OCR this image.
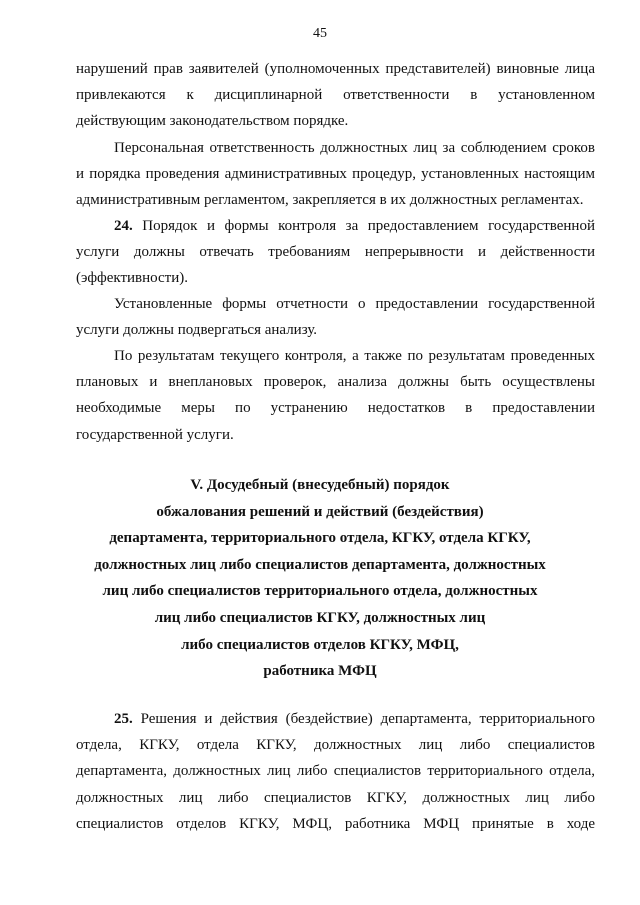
45

нарушений прав заявителей (уполномоченных представителей) виновные лица привлекаются к дисциплинарной ответственности в установленном действующим законодательством порядке.

Персональная ответственность должностных лиц за соблюдением сроков и порядка проведения административных процедур, установленных настоящим административным регламентом, закрепляется в их должностных регламентах.

24. Порядок и формы контроля за предоставлением государственной услуги должны отвечать требованиям непрерывности и действенности (эффективности).

Установленные формы отчетности о предоставлении государственной услуги должны подвергаться анализу.

По результатам текущего контроля, а также по результатам проведенных плановых и внеплановых проверок, анализа должны быть осуществлены необходимые меры по устранению недостатков в предоставлении государственной услуги.

V. Досудебный (внесудебный) порядок
обжалования решений и действий (бездействия)
департамента, территориального отдела, КГКУ, отдела КГКУ,
должностных лиц либо специалистов департамента, должностных
лиц либо специалистов территориального отдела, должностных
лиц либо специалистов КГКУ, должностных лиц
либо специалистов отделов КГКУ, МФЦ,
работника МФЦ
25. Решения и действия (бездействие) департамента, территориального
отдела, КГКУ, отдела КГКУ, должностных лиц либо специалистов
департамента, должностных лиц либо специалистов территориального отдела,
должностных лиц либо специалистов КГКУ, должностных лиц либо
специалистов отделов КГКУ, МФЦ, работника МФЦ принятые в ходе
